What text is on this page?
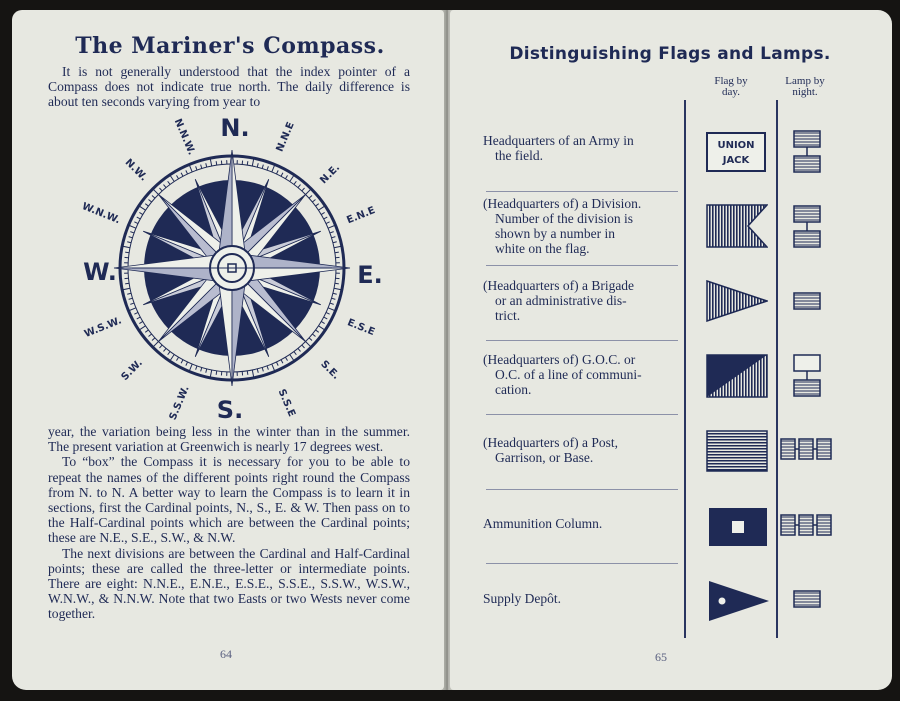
The Mariner's Compass.

It is not generally understood that the index pointer of a Compass does not indicate true north. The daily difference is about ten seconds varying from year to

N.
S.
E.
W.
N.N.W.	N.N.E
N.W.	N.E.
W.N.W.	E.N.E
W.S.W.	E.S.E
S.W.	S.E.
S.S.W.	S.S.E

year, the variation being less in the winter than in the summer. The present variation at Greenwich is nearly 17 degrees west.

To “box” the Compass it is necessary for you to be able to repeat the names of the different points right round the Compass from N. to N. A better way to learn the Compass is to learn it in sections, first the Cardinal points, N., S., E. & W. Then pass on to the Half-Cardinal points which are between the Cardinal points; these are N.E., S.E., S.W., & N.W.

The next divisions are between the Cardinal and Half-Cardinal points; these are called the three-letter or intermediate points. There are eight: N.N.E., E.N.E., E.S.E., S.S.E., S.S.W., W.S.W., W.N.W., & N.N.W. Note that two Easts or two Wests never come together.

64
Distinguishing Flags and Lamps.
Flag by
day.
Lamp by
night.
Headquarters of an Army in
the field.
UNION
JACK
(Headquarters of) a Division.
Number of the division is
shown by a number in
white on the flag.
(Headquarters of) a Brigade
or an administrative dis-
trict.
(Headquarters of) G.O.C. or
O.C. of a line of communi-
cation.
(Headquarters of) a Post,
Garrison, or Base.
Ammunition Column.
Supply Depôt.
65
